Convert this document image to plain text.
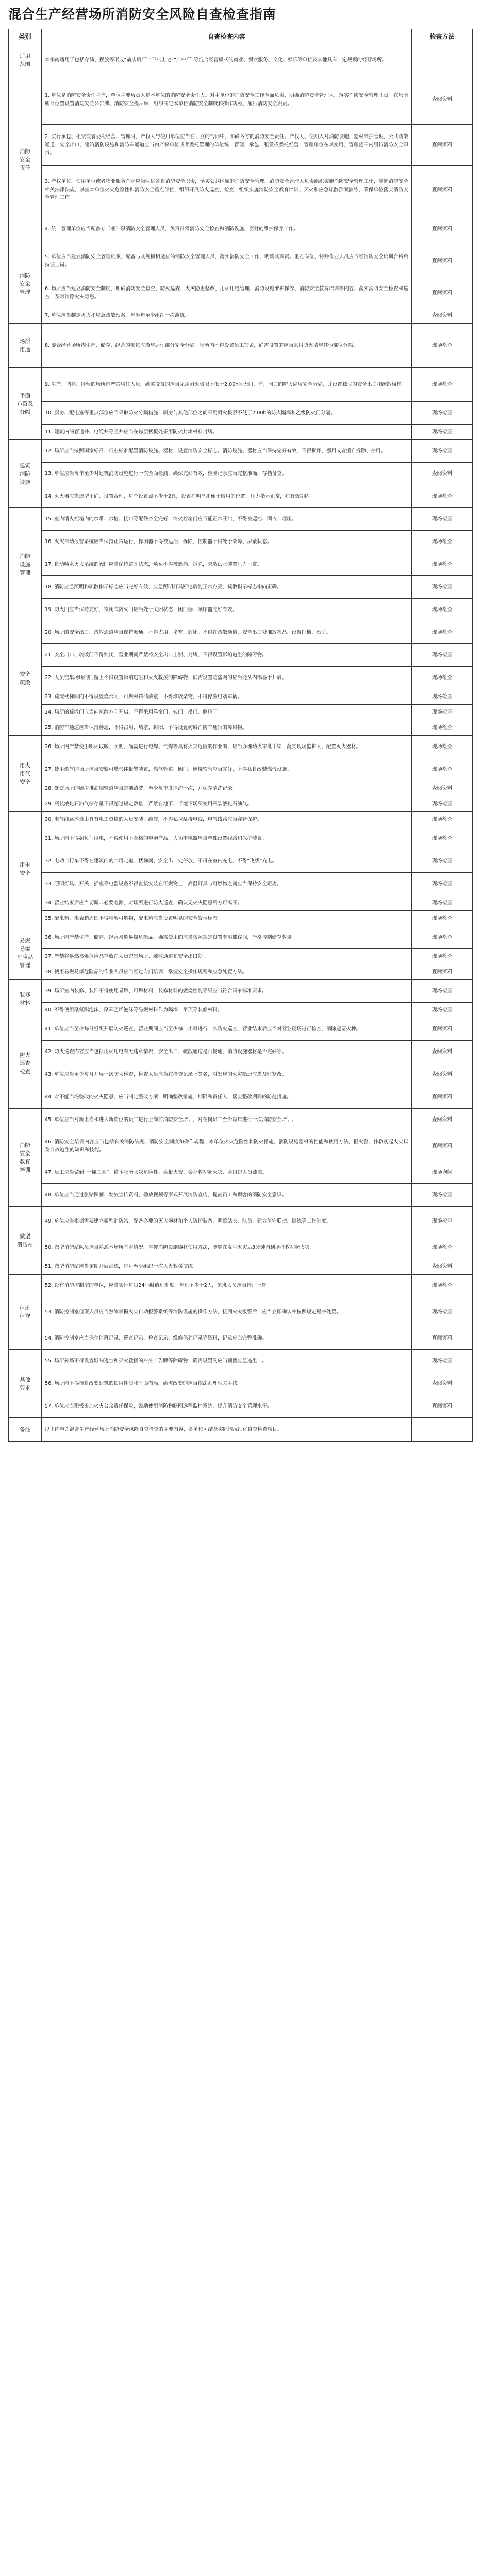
混合生产经营场所消防安全风险自查检查指南
类别	自查检查内容	检查方法
适用
范围	本指南适用于包括存储、摆放等形成“前店后厂”“下店上宅”“店中厂”等混合经营模式的商业、餐饮服务、文化、娱乐等单位及其他具有一定规模的经营场所。	
消防
安全
责任	1. 单位是消防安全责任主体，单位主要负责人是本单位的消防安全责任人。对本单位的消防安全工作全面负责，明确消防安全管理人，落实消防安全管理职责。在场所醒目位置设置消防安全公告牌、消防安全提示牌，组织制定本单位消防安全制度和操作规程，履行消防安全职责。	查阅资料
	2. 实行承包、租赁或者委托经营、管理时，产权人与使用单位应当在订立的合同中，明确各方的消防安全责任。产权人、使用人对消防设施、器材维护管理，公共疏散通道、安全出口、建筑消防设施和消防车通道应当由产权单位或者委托管理的单位统一管理，承包、租赁或委托经营，管理单位在其使用、管理范围内履行消防安全职责。	查阅资料
	3. 产权单位、使用单位或者物业服务企业应当明确各自消防安全职责，落实公共区域的消防安全管理。消防安全管理人负责组织实施消防安全管理工作，掌握消防安全相关法律法规，掌握本单位火灾危险性和消防安全重点部位，组织开展防火巡查、检查，组织实施消防安全教育培训、灭火和应急疏散预案演练，确保单位落实消防安全管理工作。	查阅资料
	4. 统一管理单位应当配备专（兼）职消防安全管理人员，负责日常消防安全检查和消防设施、器材的维护保养工作。	查阅资料
消防
安全
管理	5. 单位应当建立消防安全管理档案，配备与其规模相适应的消防安全管理人员，落实消防安全工作，明确其职责。重点岗位、特种作业人员应当经消防安全培训合格后持证上岗。	查阅资料
	6. 场所应当建立消防安全制度，明确消防安全检查、防火巡查、火灾隐患整改、用火用电管理、消防设施维护保养、消防安全教育培训等内容，落实消防安全检查和巡查，及时消除火灾隐患。	查阅资料
	7. 单位应当制定灭火和应急疏散预案，每半年至少组织一次演练。	查阅资料
场所
用途	8. 混合经营场所内生产、储存、经营的部位应当与居住部分完全分隔。场所内不得设置员工宿舍，确需设置的应当采用防火墙与其他部位分隔。	现场检查
平面
布置及
分隔	9. 生产、储存、经营的场所内严禁居住人员，确需设置的应当采用耐火极限不低于2.00h且无门、窗、洞口的防火隔墙完全分隔，并设置独立的安全出口和疏散楼梯。	现场检查
	10. 厨房、配电室等重点部位应当采取防火分隔措施，厨房与其他部位之间采用耐火极限不低于2.00h的防火隔墙和乙级防火门分隔。	现场检查
	11. 建筑内的管道井、电缆井等竖井应当在每层楼板处采用防火封堵材料封堵。	现场检查
建筑
消防
设施	12. 场所应当按照国家标准、行业标准配置消防设施、器材，设置消防安全标志。消防设施、器材应当保持完好有效，不得损坏、挪用或者擅自拆除、停用。	现场检查
	13. 单位应当每年至少对建筑消防设施进行一次全面检测，确保完好有效，检测记录应当完整准确，存档备查。	查阅资料
	14. 灭火器应当选型正确、设置合理，每个设置点不少于2具，设置在明显和便于取用的位置，压力指示正常，在有效期内。	现场检查
消防
设施
管理	15. 室内消火栓箱内的水带、水枪、接口等配件齐全完好，消火栓箱门应当能正常开启，不得被遮挡、圈占、埋压。	现场检查
	16. 火灾自动报警系统应当保持正常运行，探测器不得被遮挡、拆除，控制器不得处于故障、屏蔽状态。	现场检查
	17. 自动喷水灭火系统的阀门应当保持常开状态，喷头不得被遮挡、拆除，末端试水装置压力正常。	现场检查
	18. 消防应急照明和疏散指示标志应当完好有效，应急照明灯具断电后能正常点亮，疏散指示标志指向正确。	现场检查
	19. 防火门应当保持完好，常闭式防火门应当处于关闭状态，闭门器、顺序器完好有效。	现场检查
安全
疏散	20. 场所的安全出口、疏散通道应当保持畅通，不得占用、堵塞、封闭。不得在疏散通道、安全出口处堆放物品、设置门槛、台阶。	现场检查
	21. 安全出口、疏散门不得锁闭，营业期间严禁将安全出口上锁、封堵，不得设置影响逃生的障碍物。	现场检查
	22. 人员密集场所的门窗上不得设置影响逃生和灭火救援的障碍物，确需设置防盗网的应当能从内部易于开启。	现场检查
	23. 疏散楼梯间内不得设置烧水间、可燃材料储藏室，不得堆放杂物，不得停放电动车辆。	现场检查
	24. 场所的疏散门应当向疏散方向开启，不得采用卷帘门、转门、吊门、侧拉门。	现场检查
	25. 消防车通道应当保持畅通，不得占用、堵塞、封闭，不得设置妨碍消防车通行的障碍物。	现场检查
用火
用气
安全	26. 场所内严禁使用明火取暖、照明，确需进行电焊、气焊等具有火灾危险的作业的，应当办理动火审批手续，落实现场监护人，配置灭火器材。	现场检查
	27. 使用燃气的场所应当安装可燃气体报警装置，燃气管道、阀门、连接软管应当完好，不得私自改装燃气设施。	现场检查
	28. 餐饮场所的厨房排油烟管道应当定期清洗，至少每季度清洗一次，并保存清洗记录。	查阅资料
	29. 瓶装液化石油气储存量不得超过规定数量，严禁在地下、半地下场所使用瓶装液化石油气。	现场检查
用电
安全	30. 电气线路应当由具有电工资格的人员安装、维修，不得私拉乱接电线，电气线路应当穿管保护。	现场检查
	31. 场所内不得超负荷用电，不得使用不合格的电器产品，大功率电器应当单独设置线路和保护装置。	现场检查
	32. 电动自行车不得在建筑内的共用走道、楼梯间、安全出口处停放，不得在室内充电，不得“飞线”充电。	现场检查
	33. 照明灯具、开关、插座等电器设备不得直接安装在可燃物上，高温灯具与可燃物之间应当保持安全距离。	现场检查
	34. 营业结束后应当切断非必要电源，对场所进行防火巡查，确认无火灾隐患后方可离开。	现场检查
	35. 配电箱、电表箱周围不得堆放可燃物，配电箱应当设置明显的安全警示标志。	现场检查
易燃
易爆
危险品
管理	36. 场所内严禁生产、储存、经营易燃易爆危险品，确需使用的应当按照规定设置专用储存间，严格控制储存数量。	现场检查
	37. 严禁将易燃易爆危险品存放在人员密集场所、疏散通道和安全出口处。	现场检查
	38. 使用易燃易爆危险品的作业人员应当经过专门培训，掌握安全操作规程和应急处置方法。	查阅资料
装修
材料	39. 场所室内装修、装饰不得使用易燃、可燃材料，装修材料的燃烧性能等级应当符合国家标准要求。	现场检查
	40. 不得使用聚氨酯泡沫、聚苯乙烯泡沫等易燃材料作为隔墙、吊顶等装修材料。	现场检查
防火
巡查
检查	41. 单位应当至少每日组织开展防火巡查，营业期间应当至少每二小时进行一次防火巡查，营业结束后应当对营业现场进行检查，消除遗留火种。	查阅资料
	42. 防火巡查内容应当包括用火用电有无违章情况，安全出口、疏散通道是否畅通，消防设施器材是否完好等。	查阅资料
	43. 单位应当至少每月开展一次防火检查，检查人员应当在检查记录上签名，对发现的火灾隐患应当及时整改。	查阅资料
	44. 对不能当场整改的火灾隐患，应当制定整改方案，明确整改措施、期限和责任人，落实整改期间的防范措施。	查阅资料
消防
安全
教育
培训	45. 单位应当对新上岗和进入新岗位的员工进行上岗前消防安全培训，对在岗员工至少每年进行一次消防安全培训。	查阅资料
	46. 消防安全培训内容应当包括有关消防法规、消防安全制度和操作规程，本单位火灾危险性和防火措施，消防设施器材的性能和使用方法，报火警、扑救初起火灾以及自救逃生的知识和技能。	查阅资料
	47. 员工应当做到“一懂三会”：懂本场所火灾危险性，会报火警、会扑救初起火灾、会组织人员疏散。	现场询问
	48. 单位应当通过张贴图画、发放宣传资料、播放视频等形式开展消防宣传，提高员工和顾客的消防安全意识。	现场检查
微型
消防站	49. 单位应当根据需要建立微型消防站，配备必要的灭火器材和个人防护装备，明确站长、队员，建立值守联动、训练等工作制度。	现场检查
	50. 微型消防站队员应当熟悉本场所基本情况，掌握消防设施器材使用方法，能够在发生火灾后3分钟内到场扑救初起火灾。	现场检查
	51. 微型消防站应当定期开展训练，每月至少组织一次灭火救援演练。	查阅资料
值班
值守	52. 设有消防控制室的单位，应当实行每日24小时值班制度，每班不少于2人，值班人员应当持证上岗。	现场检查
	53. 消防控制室值班人员应当熟练掌握火灾自动报警系统等消防设施的操作方法，接到火灾报警后，应当立即确认并按照规定程序处置。	现场检查
	54. 消防控制室应当保存值班记录、巡查记录、检查记录、维修保养记录等资料，记录应当完整准确。	查阅资料
其他
要求	55. 场所外墙不得设置影响逃生和灭火救援的户外广告牌等障碍物，确需设置的应当预留应急逃生口。	现场检查
	56. 场所内不得擅自改变建筑的使用性质和平面布局，确需改变的应当依法办理相关手续。	查阅资料
	57. 单位应当积极参加火灾公众责任保险，鼓励使用消防物联网远程监控系统，提升消防安全管理水平。	查阅资料
备注	以上内容为混合生产经营场所消防安全风险自查检查的主要内容，各单位可结合实际情况细化自查检查项目。	
